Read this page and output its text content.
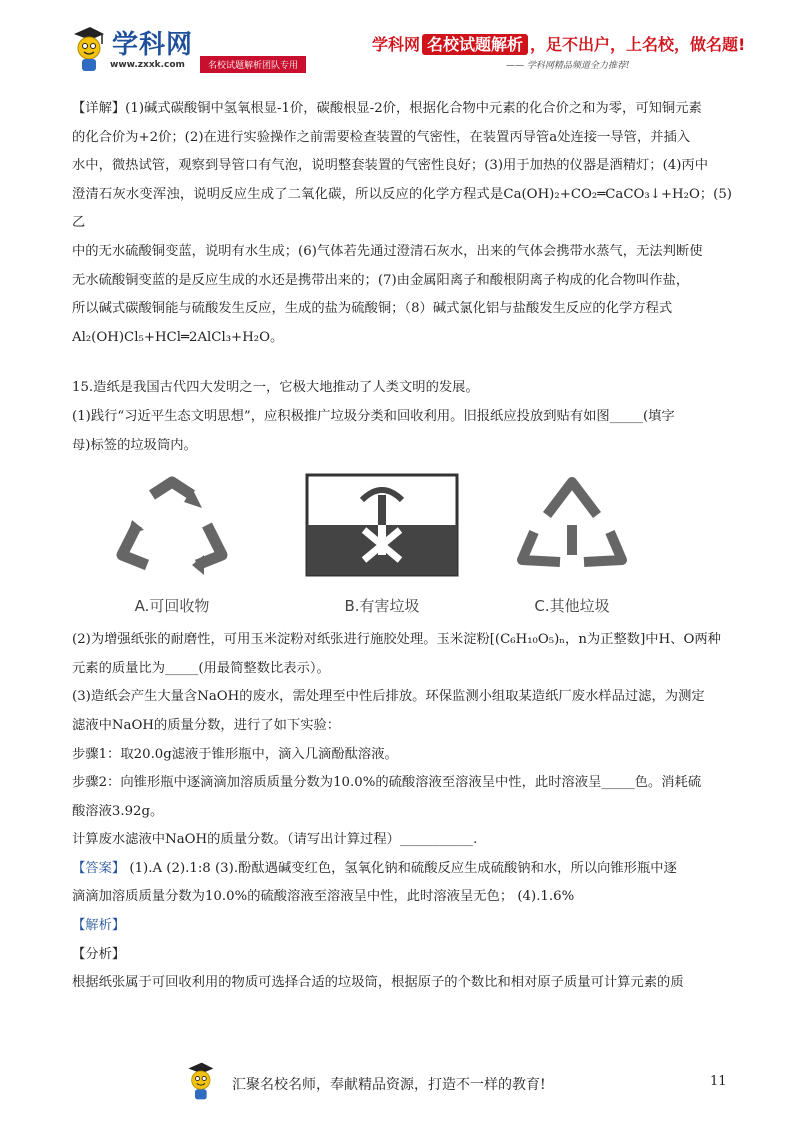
学科网
www.zxxk.com	名校试题解析团队专用
学科网 名校试题解析 ，足不出户，上名校，做名题!
—— 学科网精品频道全力推荐!

【详解】(1)碱式碳酸铜中氢氧根显-1价，碳酸根显-2价，根据化合物中元素的化合价之和为零，可知铜元素

的化合价为+2价；(2)在进行实验操作之前需要检查装置的气密性，在装置丙导管a处连接一导管，并插入

水中，微热试管，观察到导管口有气泡，说明整套装置的气密性良好；(3)用于加热的仪器是酒精灯；(4)丙中

澄清石灰水变浑浊，说明反应生成了二氧化碳，所以反应的化学方程式是Ca(OH)₂+CO₂═CaCO₃↓+H₂O；(5)乙

中的无水硫酸铜变蓝，说明有水生成；(6)气体若先通过澄清石灰水，出来的气体会携带水蒸气，无法判断使

无水硫酸铜变蓝的是反应生成的水还是携带出来的；(7)由金属阳离子和酸根阴离子构成的化合物叫作盐，

所以碱式碳酸铜能与硫酸发生反应，生成的盐为硫酸铜；（8）碱式氯化铝与盐酸发生反应的化学方程式

Al₂(OH)Cl₅+HCl═2AlCl₃+H₂O。

15.造纸是我国古代四大发明之一，它极大地推动了人类文明的发展。

(1)践行“习近平生态文明思想”，应积极推广垃圾分类和回收利用。旧报纸应投放到贴有如图_____(填字

母)标签的垃圾筒内。

A.可回收物	B.有害垃圾	C.其他垃圾

(2)为增强纸张的耐磨性，可用玉米淀粉对纸张进行施胶处理。玉米淀粉[(C₆H₁₀O₅)ₙ，n为正整数]中H、O两种

元素的质量比为_____(用最简整数比表示）。

(3)造纸会产生大量含NaOH的废水，需处理至中性后排放。环保监测小组取某造纸厂废水样品过滤，为测定

滤液中NaOH的质量分数，进行了如下实验：

步骤1：取20.0g滤液于锥形瓶中，滴入几滴酚酞溶液。

步骤2：向锥形瓶中逐滴滴加溶质质量分数为10.0%的硫酸溶液至溶液呈中性，此时溶液呈_____色。消耗硫

酸溶液3.92g。

计算废水滤液中NaOH的质量分数。（请写出计算过程）___________.

【答案】 (1).A (2).1:8 (3).酚酞遇碱变红色，氢氧化钠和硫酸反应生成硫酸钠和水，所以向锥形瓶中逐

滴滴加溶质质量分数为10.0%的硫酸溶液至溶液呈中性，此时溶液呈无色； (4).1.6%

【解析】

【分析】

根据纸张属于可回收利用的物质可选择合适的垃圾筒，根据原子的个数比和相对原子质量可计算元素的质

汇聚名校名师，奉献精品资源，打造不一样的教育!	11
